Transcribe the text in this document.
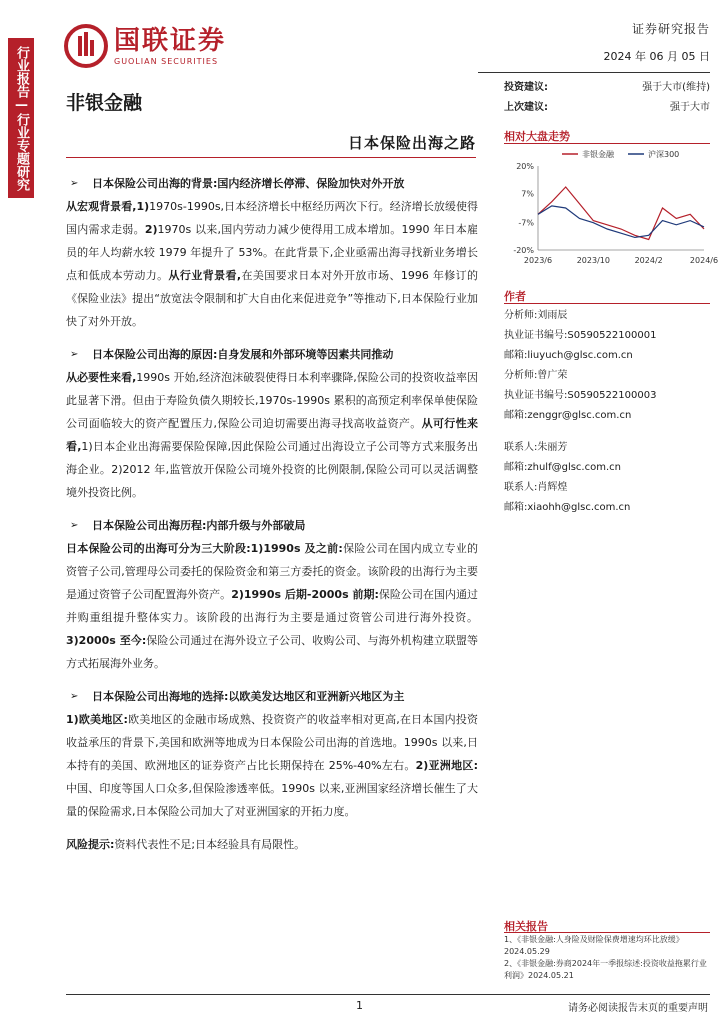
行业报告—行业专题研究
国联证券
GUOLIAN SECURITIES
证券研究报告
2024 年 06 月 05 日
投资建议:	强于大市(维持)
上次建议:	强于大市
非银金融
日本保险出海之路
➢	日本保险公司出海的背景:国内经济增长停滞、保险加快对外开放
从宏观背景看,1)1970s-1990s,日本经济增长中枢经历两次下行。经济增长放缓使得国内需求走弱。2)1970s 以来,国内劳动力减少使得用工成本增加。1990 年日本雇员的年人均薪水较 1979 年提升了 53%。在此背景下,企业亟需出海寻找新业务增长点和低成本劳动力。从行业背景看,在美国要求日本对外开放市场、1996 年修订的《保险业法》提出“放宽法令限制和扩大自由化来促进竞争”等推动下,日本保险行业加快了对外开放。
➢	日本保险公司出海的原因:自身发展和外部环境等因素共同推动
从必要性来看,1990s 开始,经济泡沫破裂使得日本利率骤降,保险公司的投资收益率因此显著下滑。但由于寿险负债久期较长,1970s-1990s 累积的高预定利率保单使保险公司面临较大的资产配置压力,保险公司迫切需要出海寻找高收益资产。从可行性来看,1)日本企业出海需要保险保障,因此保险公司通过出海设立子公司等方式来服务出海企业。2)2012 年,监管放开保险公司境外投资的比例限制,保险公司可以灵活调整境外投资比例。
➢	日本保险公司出海历程:内部升级与外部破局
日本保险公司的出海可分为三大阶段:1)1990s 及之前:保险公司在国内成立专业的资管子公司,管理母公司委托的保险资金和第三方委托的资金。该阶段的出海行为主要是通过资管子公司配置海外资产。2)1990s 后期-2000s 前期:保险公司在国内通过并购重组提升整体实力。该阶段的出海行为主要是通过资管公司进行海外投资。3)2000s 至今:保险公司通过在海外设立子公司、收购公司、与海外机构建立联盟等方式拓展海外业务。
➢	日本保险公司出海地的选择:以欧美发达地区和亚洲新兴地区为主
1)欧美地区:欧美地区的金融市场成熟、投资资产的收益率相对更高,在日本国内投资收益承压的背景下,美国和欧洲等地成为日本保险公司出海的首选地。1990s 以来,日本持有的美国、欧洲地区的证券资产占比长期保持在 25%-40%左右。2)亚洲地区:中国、印度等国人口众多,但保险渗透率低。1990s 以来,亚洲国家经济增长催生了大量的保险需求,日本保险公司加大了对亚洲国家的开拓力度。
风险提示:资料代表性不足;日本经验具有局限性。
相对大盘走势
20%
7%
-7%
-20%
2023/6	2023/10	2024/2	2024/6
非银金融	沪深300
作者
分析师:刘雨辰
执业证书编号:S0590522100001
邮箱:liuyuch@glsc.com.cn
分析师:曾广荣
执业证书编号:S0590522100003
邮箱:zenggr@glsc.com.cn
联系人:朱丽芳
邮箱:zhulf@glsc.com.cn
联系人:肖辉煌
邮箱:xiaohh@glsc.com.cn
相关报告
1、《非银金融:人身险及财险保费增速均环比放缓》2024.05.29
2、《非银金融:券商2024年一季报综述:投资收益拖累行业利润》2024.05.21
1	请务必阅读报告末页的重要声明
